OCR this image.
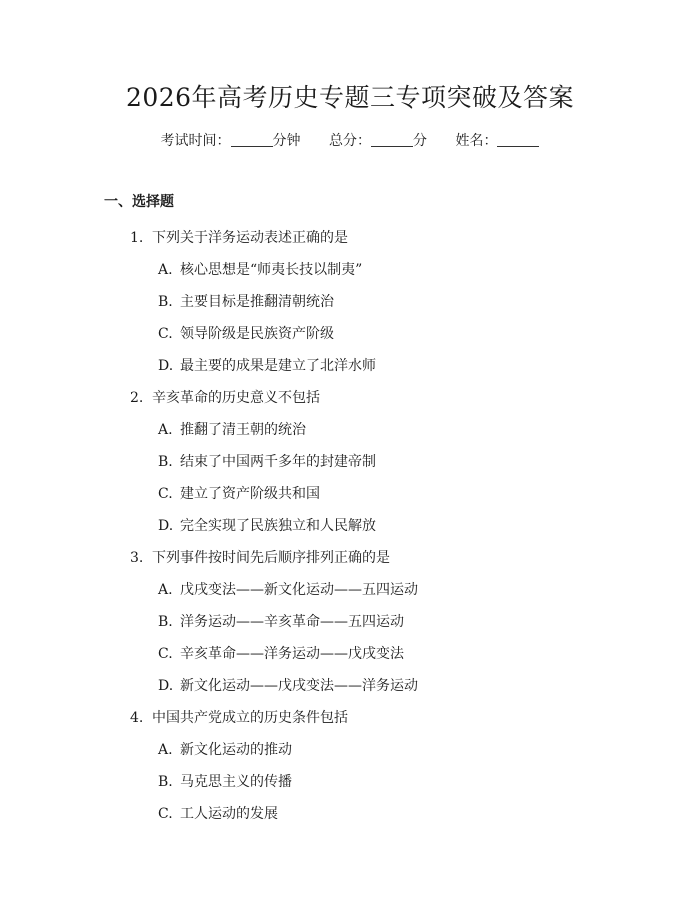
2026年高考历史专题三专项突破及答案
考试时间：	分钟 总分：	分 姓名：
一、选择题
1. 下列关于洋务运动表述正确的是
A. 核心思想是“师夷长技以制夷”
B. 主要目标是推翻清朝统治
C. 领导阶级是民族资产阶级
D. 最主要的成果是建立了北洋水师
2. 辛亥革命的历史意义不包括
A. 推翻了清王朝的统治
B. 结束了中国两千多年的封建帝制
C. 建立了资产阶级共和国
D. 完全实现了民族独立和人民解放
3. 下列事件按时间先后顺序排列正确的是
A. 戊戌变法——新文化运动——五四运动
B. 洋务运动——辛亥革命——五四运动
C. 辛亥革命——洋务运动——戊戌变法
D. 新文化运动——戊戌变法——洋务运动
4. 中国共产党成立的历史条件包括
A. 新文化运动的推动
B. 马克思主义的传播
C. 工人运动的发展
